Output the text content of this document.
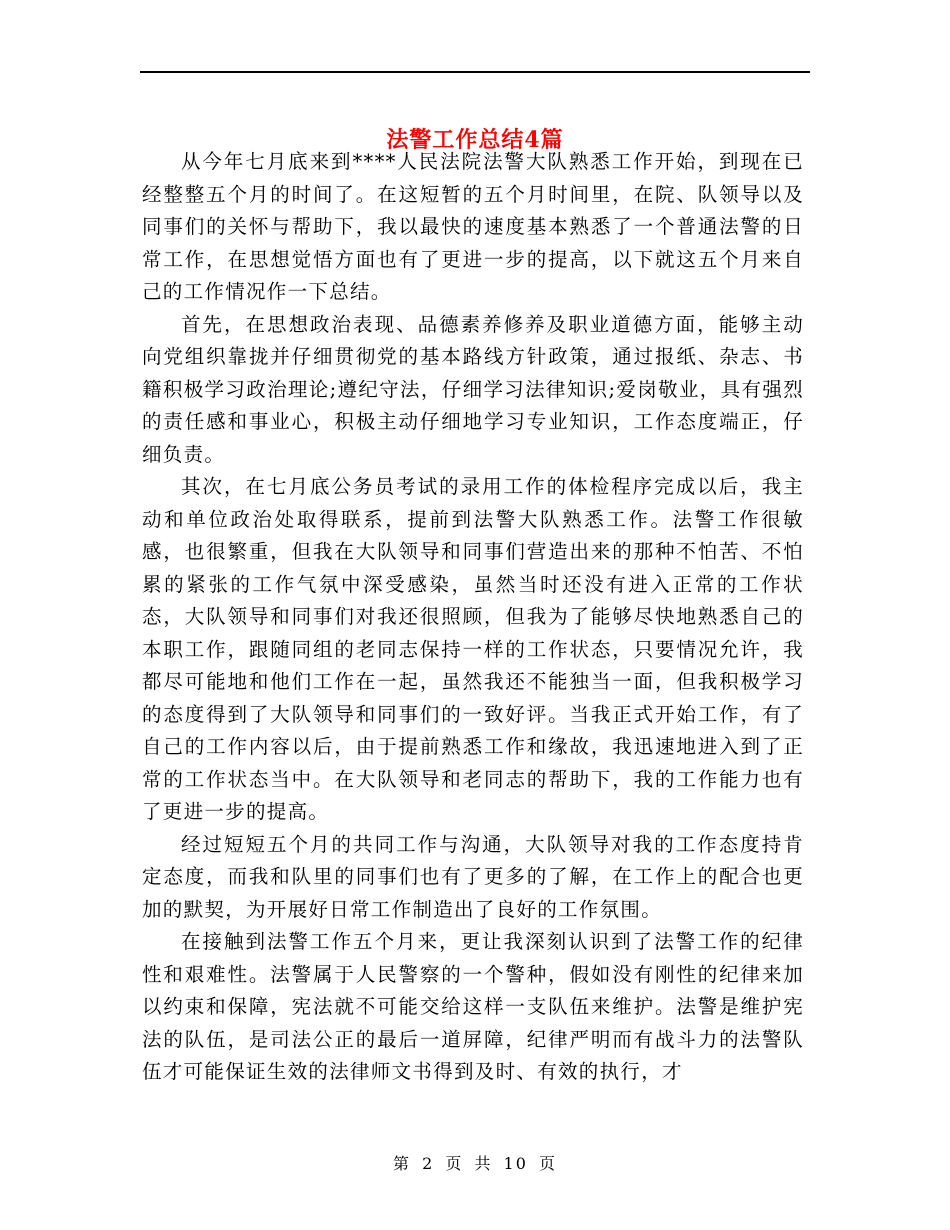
法警工作总结4篇

从今年七月底来到****人民法院法警大队熟悉工作开始，到现在已经整整五个月的时间了。在这短暂的五个月时间里，在院、队领导以及同事们的关怀与帮助下，我以最快的速度基本熟悉了一个普通法警的日常工作，在思想觉悟方面也有了更进一步的提高，以下就这五个月来自己的工作情况作一下总结。

首先，在思想政治表现、品德素养修养及职业道德方面，能够主动向党组织靠拢并仔细贯彻党的基本路线方针政策，通过报纸、杂志、书籍积极学习政治理论;遵纪守法，仔细学习法律知识;爱岗敬业，具有强烈的责任感和事业心，积极主动仔细地学习专业知识，工作态度端正，仔细负责。

其次，在七月底公务员考试的录用工作的体检程序完成以后，我主动和单位政治处取得联系，提前到法警大队熟悉工作。法警工作很敏感，也很繁重，但我在大队领导和同事们营造出来的那种不怕苦、不怕累的紧张的工作气氛中深受感染，虽然当时还没有进入正常的工作状态，大队领导和同事们对我还很照顾，但我为了能够尽快地熟悉自己的本职工作，跟随同组的老同志保持一样的工作状态，只要情况允许，我都尽可能地和他们工作在一起，虽然我还不能独当一面，但我积极学习的态度得到了大队领导和同事们的一致好评。当我正式开始工作，有了自己的工作内容以后，由于提前熟悉工作和缘故，我迅速地进入到了正常的工作状态当中。在大队领导和老同志的帮助下，我的工作能力也有了更进一步的提高。

经过短短五个月的共同工作与沟通，大队领导对我的工作态度持肯定态度，而我和队里的同事们也有了更多的了解，在工作上的配合也更加的默契，为开展好日常工作制造出了良好的工作氛围。

在接触到法警工作五个月来，更让我深刻认识到了法警工作的纪律性和艰难性。法警属于人民警察的一个警种，假如没有刚性的纪律来加以约束和保障，宪法就不可能交给这样一支队伍来维护。法警是维护宪法的队伍，是司法公正的最后一道屏障，纪律严明而有战斗力的法警队伍才可能保证生效的法律师文书得到及时、有效的执行，才

第 2 页 共 10 页
